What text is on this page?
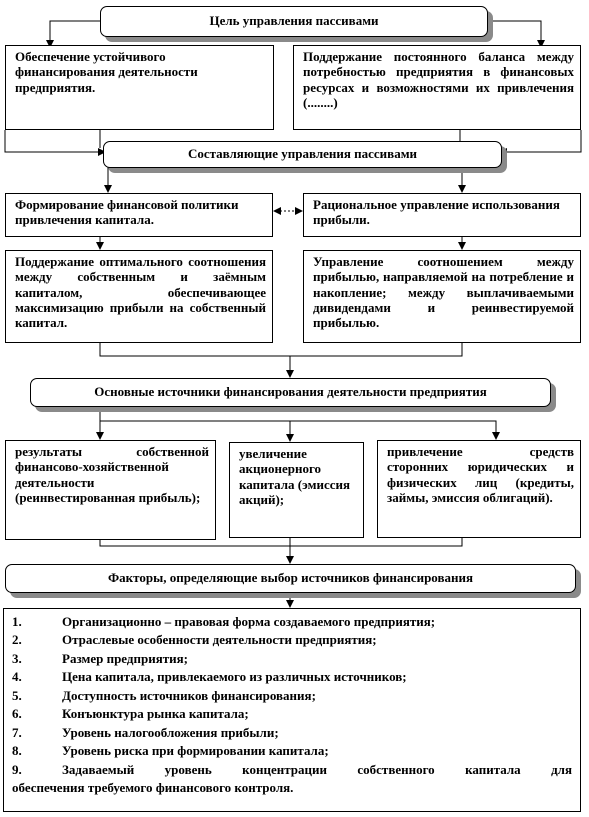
Цель управления пассивами
Обеспечение устойчивого финансирования деятельности предприятия.
Поддержание постоянного баланса между потребностью предприятия в финансовых ресурсах и возможностями их привлечения (........)
Составляющие управления пассивами
Формирование финансовой политики привлечения капитала.
Рациональное управление использования прибыли.
Поддержание оптимального соотношения между собственным и заёмным капиталом, обеспечивающее максимизацию прибыли на собственный капитал.
Управление соотношением между прибылью, направляемой на потребление и накопление; между выплачиваемыми дивидендами и реинвестируемой прибылью.
Основные источники финансирования деятельности предприятия
результаты собственной финансово-хозяйственной деятельности (реинвестированная прибыль);
увеличение акционерного капитала (эмиссия акций);
привлечение средств сторонних юридических и физических лиц (кредиты, займы, эмиссия облигаций).
Факторы, определяющие выбор источников финансирования
1.	Организационно – правовая форма создаваемого предприятия;
2.	Отраслевые особенности деятельности предприятия;
3.	Размер предприятия;
4.	Цена капитала, привлекаемого из различных источников;
5.	Доступность источников финансирования;
6.	Конъюнктура рынка капитала;
7.	Уровень налогообложения прибыли;
8.	Уровень риска при формировании капитала;
9.	Задаваемый уровень концентрации собственного капитала для
обеспечения требуемого финансового контроля.
